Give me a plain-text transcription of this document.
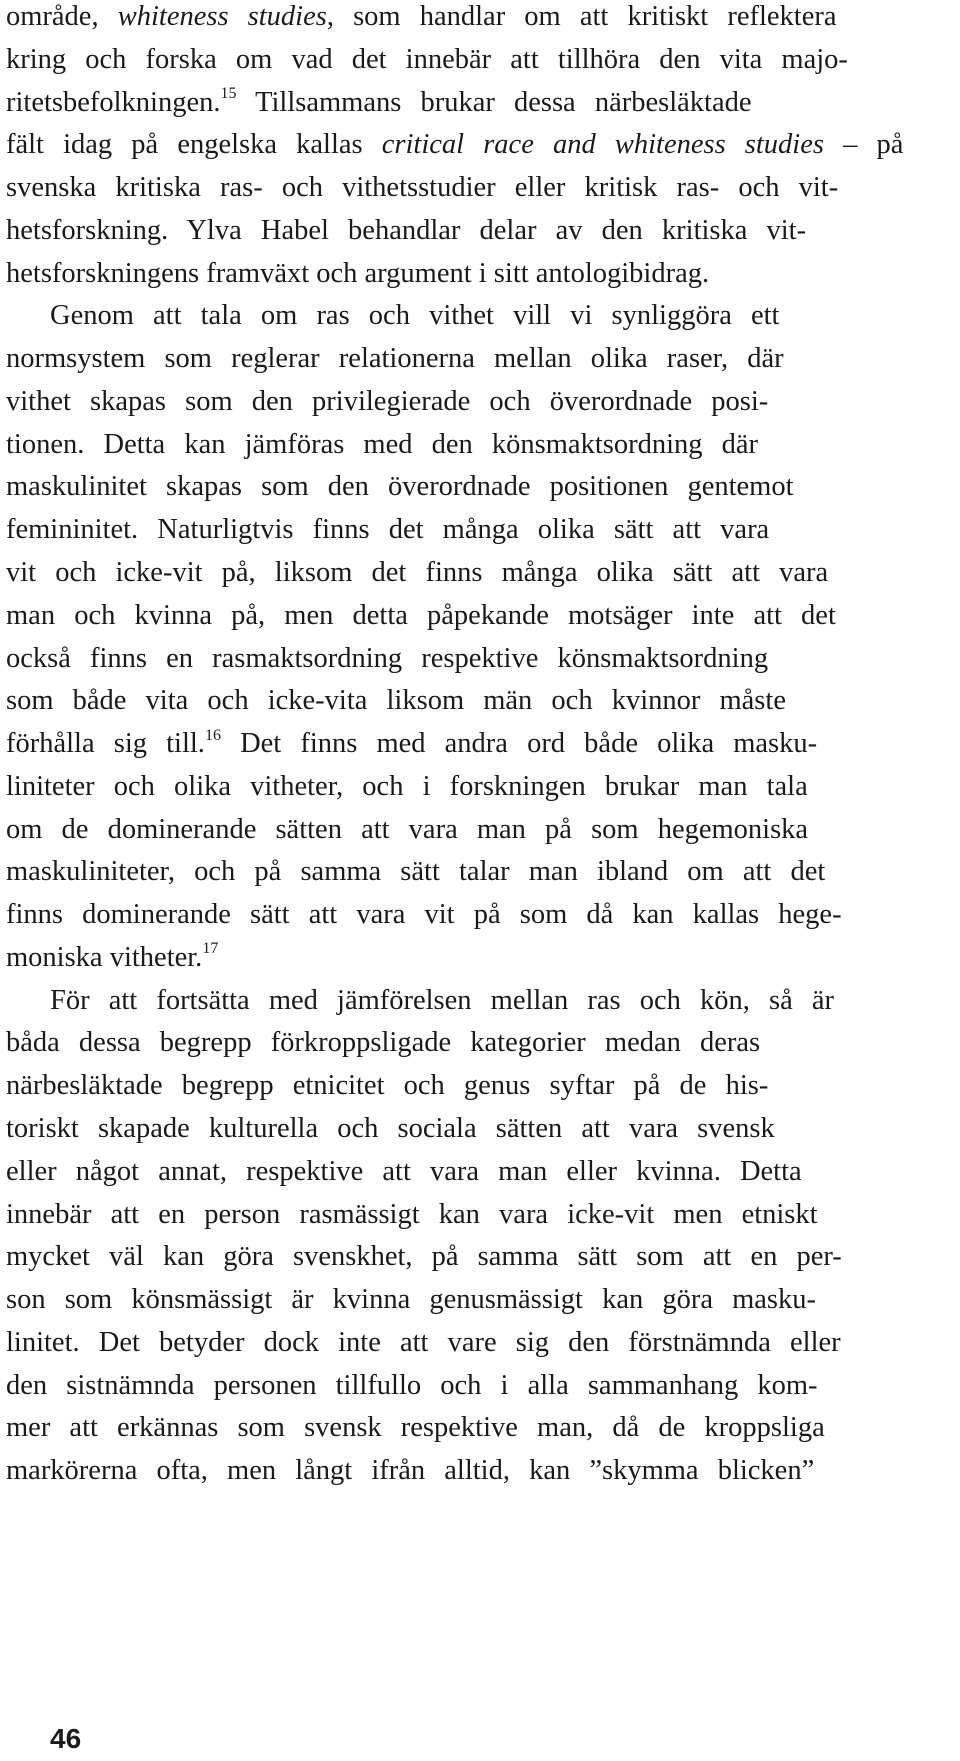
område, whiteness studies, som handlar om att kritiskt reflektera
kring och forska om vad det innebär att tillhöra den vita majo-
ritetsbefolkningen.$^{15}$ Tillsammans brukar dessa närbesläktade
fält idag på engelska kallas critical race and whiteness studies – på
svenska kritiska ras- och vithetsstudier eller kritisk ras- och vit-
hetsforskning. Ylva Habel behandlar delar av den kritiska vit-
hetsforskningens framväxt och argument i sitt antologibidrag.
Genom att tala om ras och vithet vill vi synliggöra ett
normsystem som reglerar relationerna mellan olika raser, där
vithet skapas som den privilegierade och överordnade posi-
tionen. Detta kan jämföras med den könsmaktsordning där
maskulinitet skapas som den överordnade positionen gentemot
femininitet. Naturligtvis finns det många olika sätt att vara
vit och icke-vit på, liksom det finns många olika sätt att vara
man och kvinna på, men detta påpekande motsäger inte att det
också finns en rasmaktsordning respektive könsmaktsordning
som både vita och icke-vita liksom män och kvinnor måste
förhålla sig till.$^{16}$ Det finns med andra ord både olika masku-
liniteter och olika vitheter, och i forskningen brukar man tala
om de dominerande sätten att vara man på som hegemoniska
maskuliniteter, och på samma sätt talar man ibland om att det
finns dominerande sätt att vara vit på som då kan kallas hege-
moniska vitheter.$^{17}$
För att fortsätta med jämförelsen mellan ras och kön, så är
båda dessa begrepp förkroppsligade kategorier medan deras
närbesläktade begrepp etnicitet och genus syftar på de his-
toriskt skapade kulturella och sociala sätten att vara svensk
eller något annat, respektive att vara man eller kvinna. Detta
innebär att en person rasmässigt kan vara icke-vit men etniskt
mycket väl kan göra svenskhet, på samma sätt som att en per-
son som könsmässigt är kvinna genusmässigt kan göra masku-
linitet. Det betyder dock inte att vare sig den förstnämnda eller
den sistnämnda personen tillfullo och i alla sammanhang kom-
mer att erkännas som svensk respektive man, då de kroppsliga
markörerna ofta, men långt ifrån alltid, kan ”skymma blicken”
46
